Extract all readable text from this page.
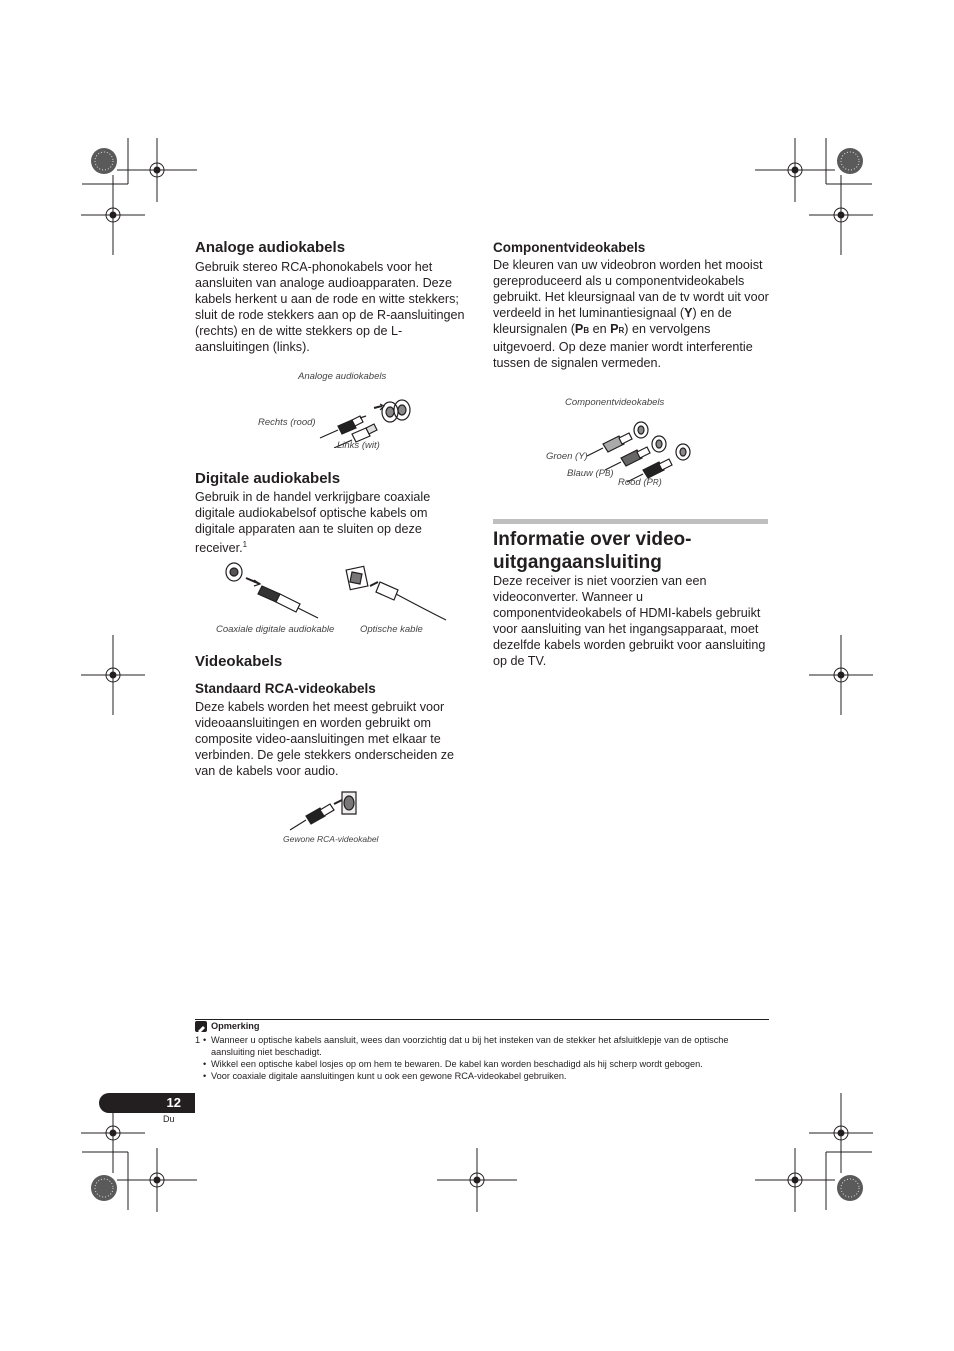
Analoge audiokabels

Gebruik stereo RCA-phonokabels voor het aansluiten van analoge audioapparaten. Deze kabels herkent u aan de rode en witte stekkers; sluit de rode stekkers aan op de R-aansluitingen (rechts) en de witte stekkers op de L-aansluitingen (links).

Analoge audiokabels
Rechts (rood)
Links (wit)
Digitale audiokabels

Gebruik in de handel verkrijgbare coaxiale digitale audiokabelsof optische kabels om digitale apparaten aan te sluiten op deze receiver.$^1$

Coaxiale digitale audiokable	Optische kable
Videokabels
Standaard RCA-videokabels

Deze kabels worden het meest gebruikt voor videoaansluitingen en worden gebruikt om composite video-aansluitingen met elkaar te verbinden. De gele stekkers onderscheiden ze van de kabels voor audio.

Gewone RCA-videokabel
Componentvideokabels

De kleuren van uw videobron worden het mooist gereproduceerd als u componentvideokabels gebruikt. Het kleursignaal van de tv wordt uit voor verdeeld in het luminantiesignaal (Y) en de kleursignalen (PB en PR) en vervolgens uitgevoerd. Op deze manier wordt interferentie tussen de signalen vermeden.

Componentvideokabels
Groen (Y)
Blauw (PB)
Rood (PR)
Informatie over video-
uitgangaansluiting

Deze receiver is niet voorzien van een videoconverter. Wanneer u componentvideokabels of HDMI-kabels gebruikt voor aansluiting van het ingangsapparaat, moet dezelfde kabels worden gebruikt voor aansluiting op de TV.

Opmerking
1 • Wanneer u optische kabels aansluit, wees dan voorzichtig dat u bij het insteken van de stekker het afsluitklepje van de optische aansluiting niet beschadigt.
• Wikkel een optische kabel losjes op om hem te bewaren. De kabel kan worden beschadigd als hij scherp wordt gebogen.
• Voor coaxiale digitale aansluitingen kunt u ook een gewone RCA-videokabel gebruiken.
12
Du
